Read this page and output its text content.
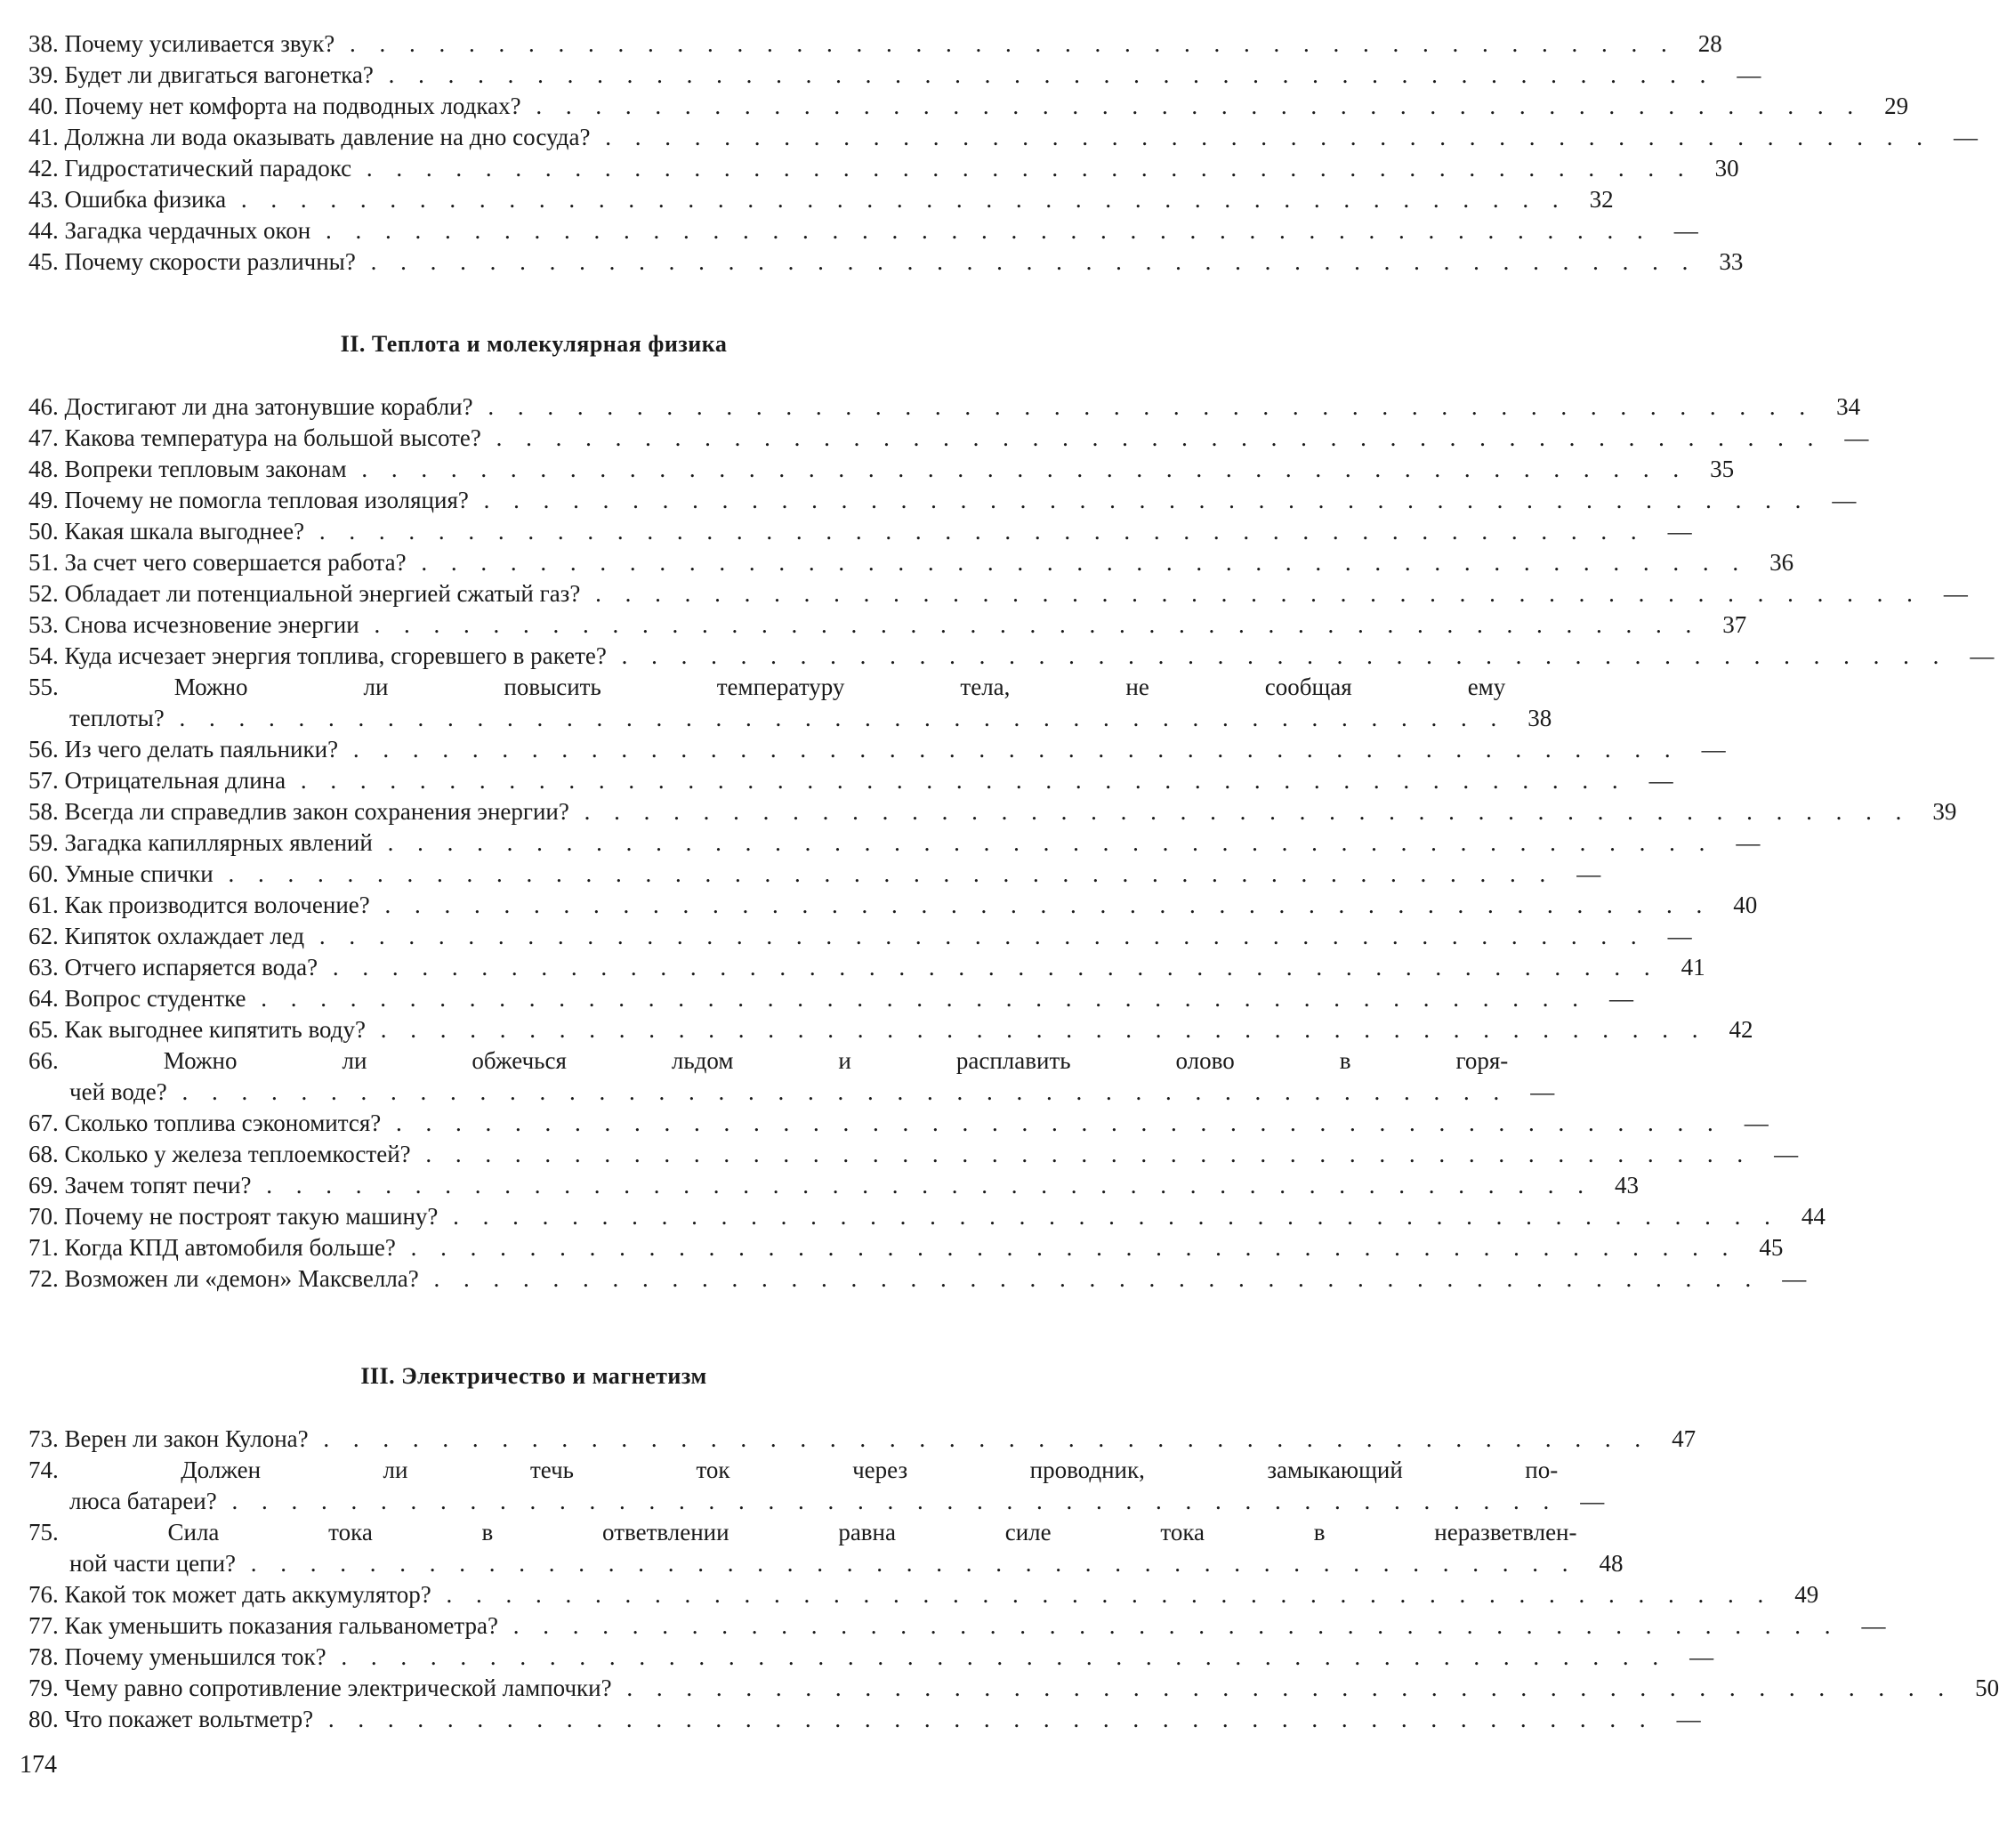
38. Почему усиливается звук? . . . . . . . . . . . . . . . . . . . . . . . . . . . . . . . . . . . . . . . . . . . . . 28
39. Будет ли двигаться вагонетка? . . . . . . . . . . . . . . . . . . . . . . . . . . . . . . . . . . . . . . . . . . . . . —
40. Почему нет комфорта на подводных лодках? . . . . . . . . . . . . . . . . . . . . . . . . . . . . . . . . . . . . . . . . . . . . . 29
41. Должна ли вода оказывать давление на дно сосуда? . . . . . . . . . . . . . . . . . . . . . . . . . . . . . . . . . . . . . . . . . . . . . —
42. Гидростатический парадокс . . . . . . . . . . . . . . . . . . . . . . . . . . . . . . . . . . . . . . . . . . . . . 30
43. Ошибка физика . . . . . . . . . . . . . . . . . . . . . . . . . . . . . . . . . . . . . . . . . . . . . 32
44. Загадка чердачных окон . . . . . . . . . . . . . . . . . . . . . . . . . . . . . . . . . . . . . . . . . . . . . —
45. Почему скорости различны? . . . . . . . . . . . . . . . . . . . . . . . . . . . . . . . . . . . . . . . . . . . . . 33
II. Теплота и молекулярная физика
46. Достигают ли дна затонувшие корабли? . . . . . . . . . . . . . . . . . . . . . . . . . . . . . . . . . . . . . . . . . . . . . 34
47. Какова температура на большой высоте? . . . . . . . . . . . . . . . . . . . . . . . . . . . . . . . . . . . . . . . . . . . . . —
48. Вопреки тепловым законам . . . . . . . . . . . . . . . . . . . . . . . . . . . . . . . . . . . . . . . . . . . . . 35
49. Почему не помогла тепловая изоляция? . . . . . . . . . . . . . . . . . . . . . . . . . . . . . . . . . . . . . . . . . . . . . —
50. Какая шкала выгоднее? . . . . . . . . . . . . . . . . . . . . . . . . . . . . . . . . . . . . . . . . . . . . . —
51. За счет чего совершается работа? . . . . . . . . . . . . . . . . . . . . . . . . . . . . . . . . . . . . . . . . . . . . . 36
52. Обладает ли потенциальной энергией сжатый газ? . . . . . . . . . . . . . . . . . . . . . . . . . . . . . . . . . . . . . . . . . . . . . —
53. Снова исчезновение энергии . . . . . . . . . . . . . . . . . . . . . . . . . . . . . . . . . . . . . . . . . . . . . 37
54. Куда исчезает энергия топлива, сгоревшего в ракете? . . . . . . . . . . . . . . . . . . . . . . . . . . . . . . . . . . . . . . . . . . . . . —
55. Можно ли повысить температуру тела, не сообщая ему
теплоты? . . . . . . . . . . . . . . . . . . . . . . . . . . . . . . . . . . . . . . . . . . . . . 38
56. Из чего делать паяльники? . . . . . . . . . . . . . . . . . . . . . . . . . . . . . . . . . . . . . . . . . . . . . —
57. Отрицательная длина . . . . . . . . . . . . . . . . . . . . . . . . . . . . . . . . . . . . . . . . . . . . . —
58. Всегда ли справедлив закон сохранения энергии? . . . . . . . . . . . . . . . . . . . . . . . . . . . . . . . . . . . . . . . . . . . . . 39
59. Загадка капиллярных явлений . . . . . . . . . . . . . . . . . . . . . . . . . . . . . . . . . . . . . . . . . . . . . —
60. Умные спички . . . . . . . . . . . . . . . . . . . . . . . . . . . . . . . . . . . . . . . . . . . . . —
61. Как производится волочение? . . . . . . . . . . . . . . . . . . . . . . . . . . . . . . . . . . . . . . . . . . . . . 40
62. Кипяток охлаждает лед . . . . . . . . . . . . . . . . . . . . . . . . . . . . . . . . . . . . . . . . . . . . . —
63. Отчего испаряется вода? . . . . . . . . . . . . . . . . . . . . . . . . . . . . . . . . . . . . . . . . . . . . . 41
64. Вопрос студентке . . . . . . . . . . . . . . . . . . . . . . . . . . . . . . . . . . . . . . . . . . . . . —
65. Как выгоднее кипятить воду? . . . . . . . . . . . . . . . . . . . . . . . . . . . . . . . . . . . . . . . . . . . . . 42
66. Можно ли обжечься льдом и расплавить олово в горя-
чей воде? . . . . . . . . . . . . . . . . . . . . . . . . . . . . . . . . . . . . . . . . . . . . . —
67. Сколько топлива сэкономится? . . . . . . . . . . . . . . . . . . . . . . . . . . . . . . . . . . . . . . . . . . . . . —
68. Сколько у железа теплоемкостей? . . . . . . . . . . . . . . . . . . . . . . . . . . . . . . . . . . . . . . . . . . . . . —
69. Зачем топят печи? . . . . . . . . . . . . . . . . . . . . . . . . . . . . . . . . . . . . . . . . . . . . . 43
70. Почему не построят такую машину? . . . . . . . . . . . . . . . . . . . . . . . . . . . . . . . . . . . . . . . . . . . . . 44
71. Когда КПД автомобиля больше? . . . . . . . . . . . . . . . . . . . . . . . . . . . . . . . . . . . . . . . . . . . . . 45
72. Возможен ли «демон» Максвелла? . . . . . . . . . . . . . . . . . . . . . . . . . . . . . . . . . . . . . . . . . . . . . —
III. Электричество и магнетизм
73. Верен ли закон Кулона? . . . . . . . . . . . . . . . . . . . . . . . . . . . . . . . . . . . . . . . . . . . . . 47
74. Должен ли течь ток через проводник, замыкающий по-
люса батареи? . . . . . . . . . . . . . . . . . . . . . . . . . . . . . . . . . . . . . . . . . . . . . —
75. Сила тока в ответвлении равна силе тока в неразветвлен-
ной части цепи? . . . . . . . . . . . . . . . . . . . . . . . . . . . . . . . . . . . . . . . . . . . . . 48
76. Какой ток может дать аккумулятор? . . . . . . . . . . . . . . . . . . . . . . . . . . . . . . . . . . . . . . . . . . . . . 49
77. Как уменьшить показания гальванометра? . . . . . . . . . . . . . . . . . . . . . . . . . . . . . . . . . . . . . . . . . . . . . —
78. Почему уменьшился ток? . . . . . . . . . . . . . . . . . . . . . . . . . . . . . . . . . . . . . . . . . . . . . —
79. Чему равно сопротивление электрической лампочки? . . . . . . . . . . . . . . . . . . . . . . . . . . . . . . . . . . . . . . . . . . . . . 50
80. Что покажет вольтметр? . . . . . . . . . . . . . . . . . . . . . . . . . . . . . . . . . . . . . . . . . . . . . —
174
